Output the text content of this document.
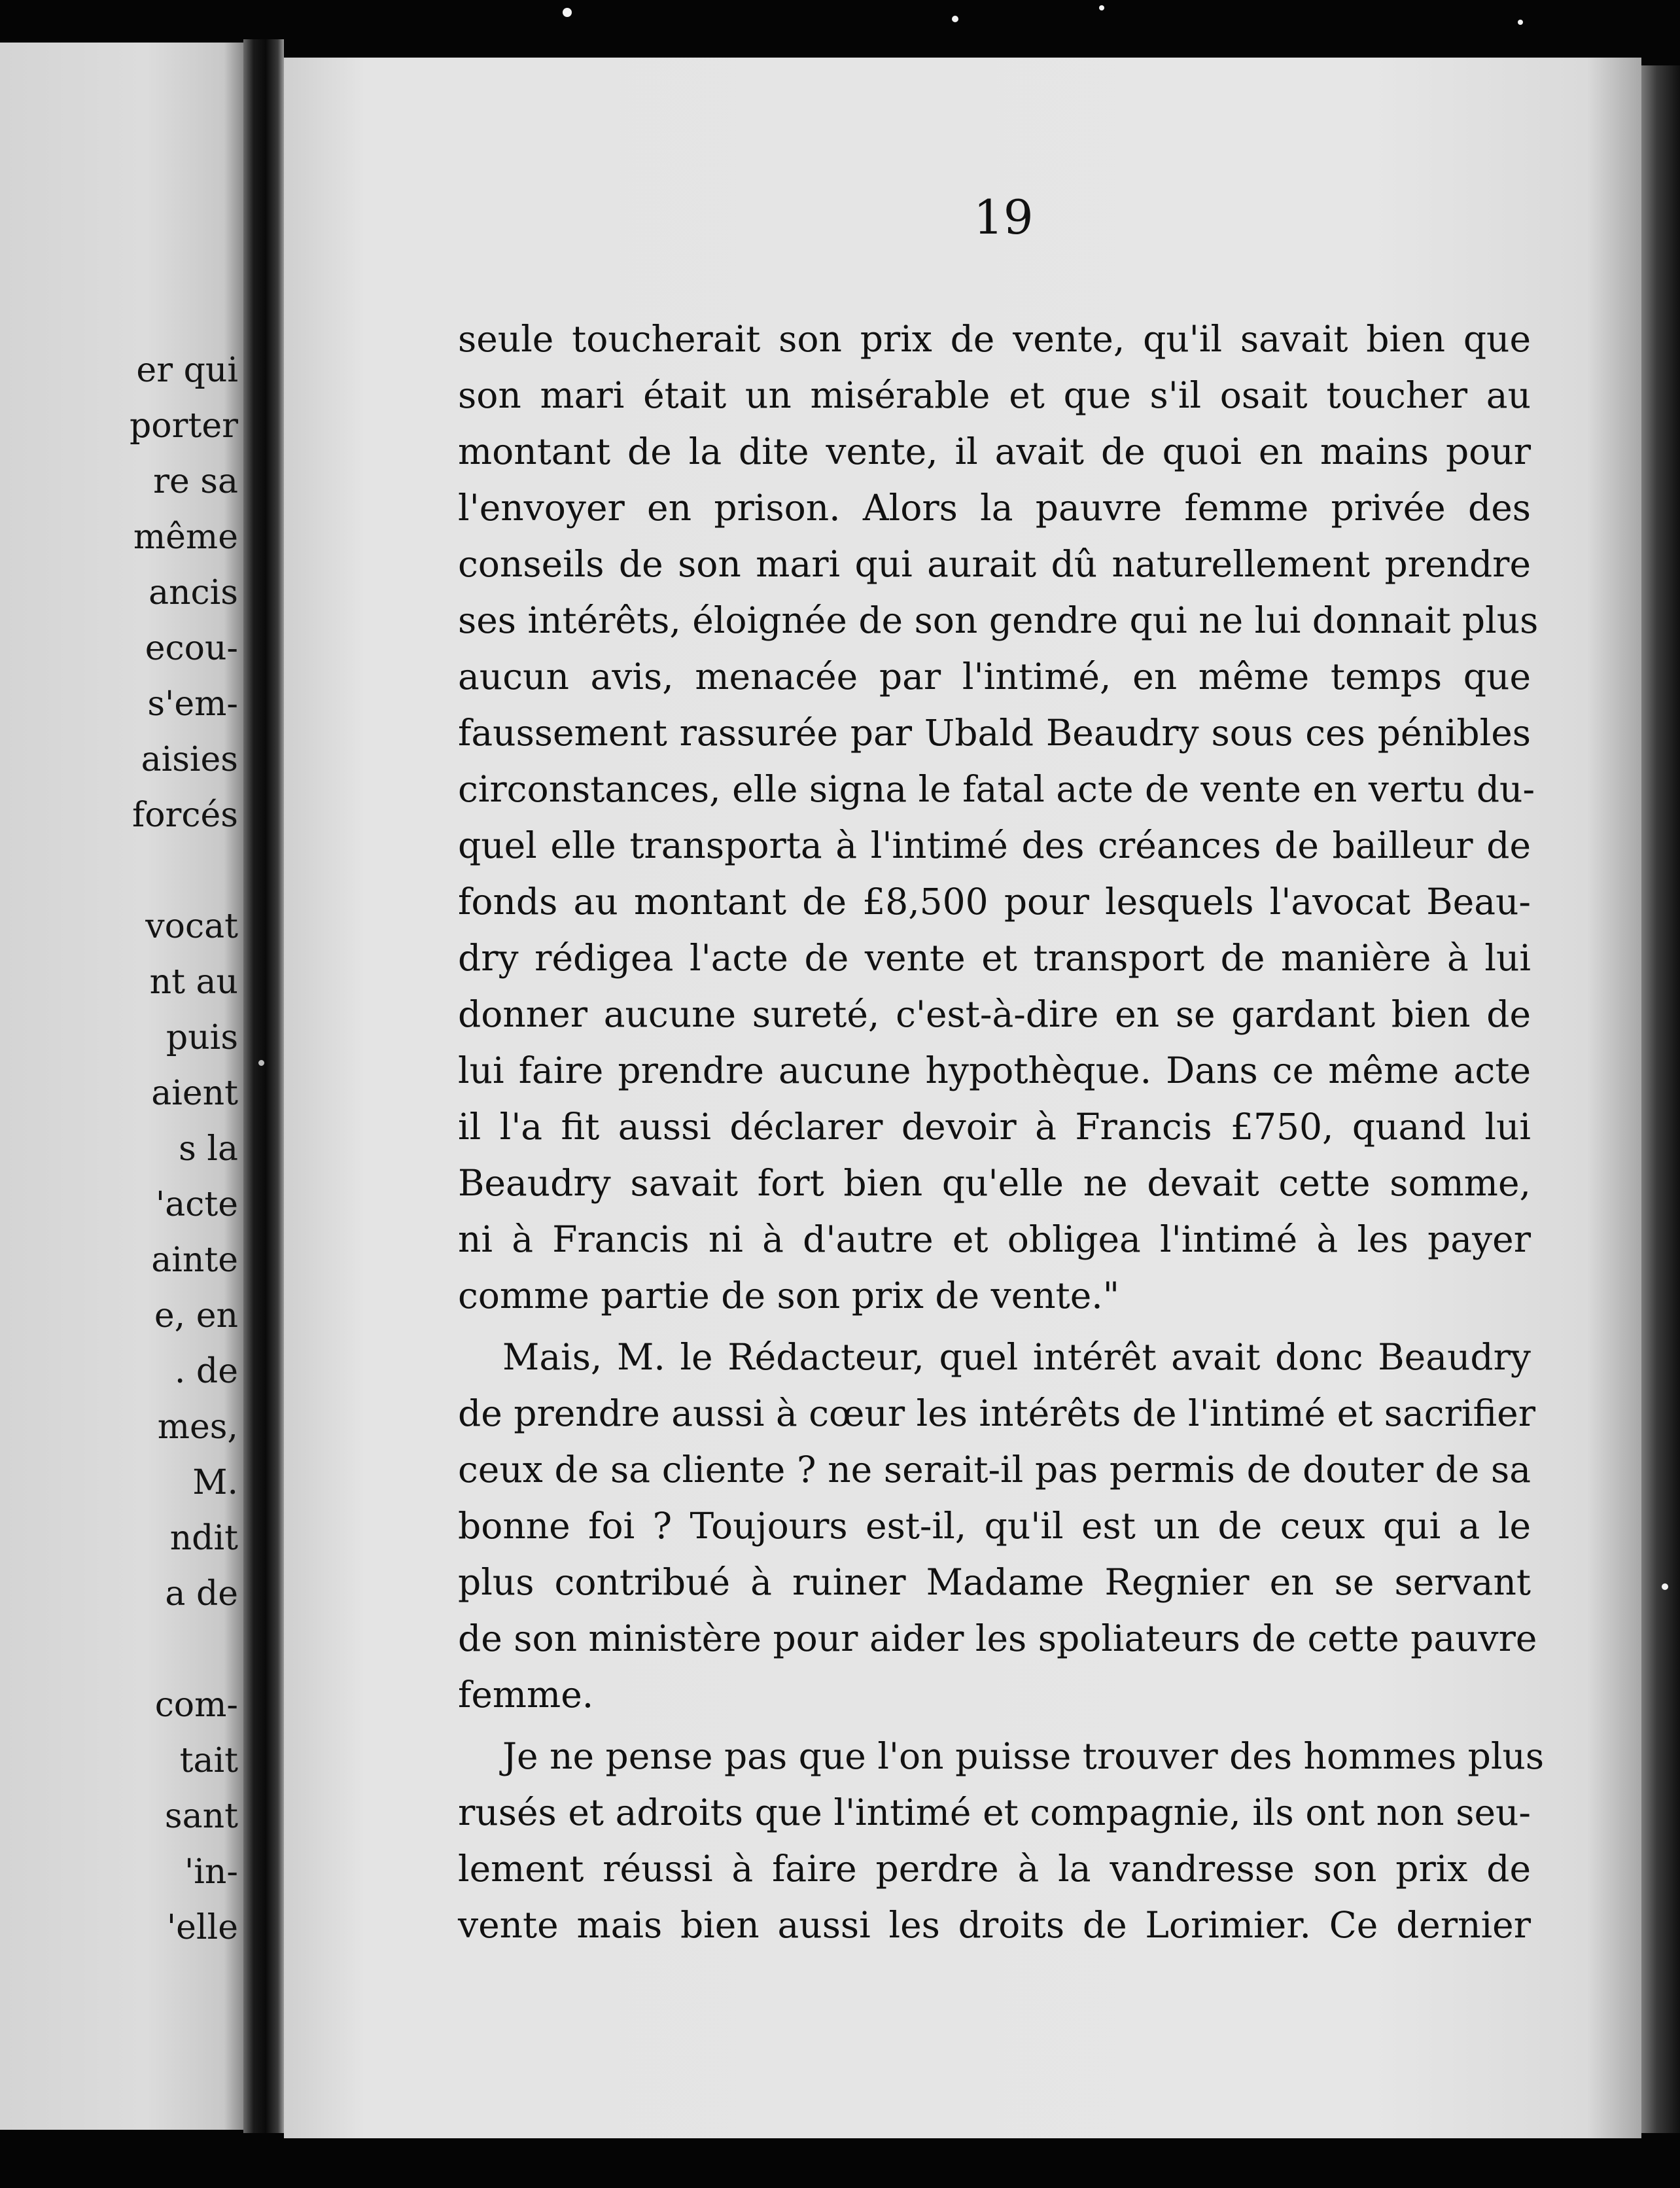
er qui
porter
re sa
même
ancis
ecou-
s'em-
aisies
forcés
vocat
nt au
puis
aient
s la
'acte
ainte
e, en
. de
mes,
M.
ndit
a de
com-
tait
sant
'in-
'elle
19
seule toucherait son prix de vente, qu'il savait bien que
son mari était un misérable et que s'il osait toucher au
montant de la dite vente, il avait de quoi en mains pour
l'envoyer en prison. Alors la pauvre femme privée des
conseils de son mari qui aurait dû naturellement prendre
ses intérêts, éloignée de son gendre qui ne lui donnait plus
aucun avis, menacée par l'intimé, en même temps que
faussement rassurée par Ubald Beaudry sous ces pénibles
circonstances, elle signa le fatal acte de vente en vertu du-
quel elle transporta à l'intimé des créances de bailleur de
fonds au montant de £8,500 pour lesquels l'avocat Beau-
dry rédigea l'acte de vente et transport de manière à lui
donner aucune sureté, c'est-à-dire en se gardant bien de
lui faire prendre aucune hypothèque. Dans ce même acte
il l'a fit aussi déclarer devoir à Francis £750, quand lui
Beaudry savait fort bien qu'elle ne devait cette somme,
ni à Francis ni à d'autre et obligea l'intimé à les payer
comme partie de son prix de vente."
Mais, M. le Rédacteur, quel intérêt avait donc Beaudry
de prendre aussi à cœur les intérêts de l'intimé et sacrifier
ceux de sa cliente ? ne serait-il pas permis de douter de sa
bonne foi ? Toujours est-il, qu'il est un de ceux qui a le
plus contribué à ruiner Madame Regnier en se servant
de son ministère pour aider les spoliateurs de cette pauvre
femme.
Je ne pense pas que l'on puisse trouver des hommes plus
rusés et adroits que l'intimé et compagnie, ils ont non seu-
lement réussi à faire perdre à la vandresse son prix de
vente mais bien aussi les droits de Lorimier. Ce dernier
